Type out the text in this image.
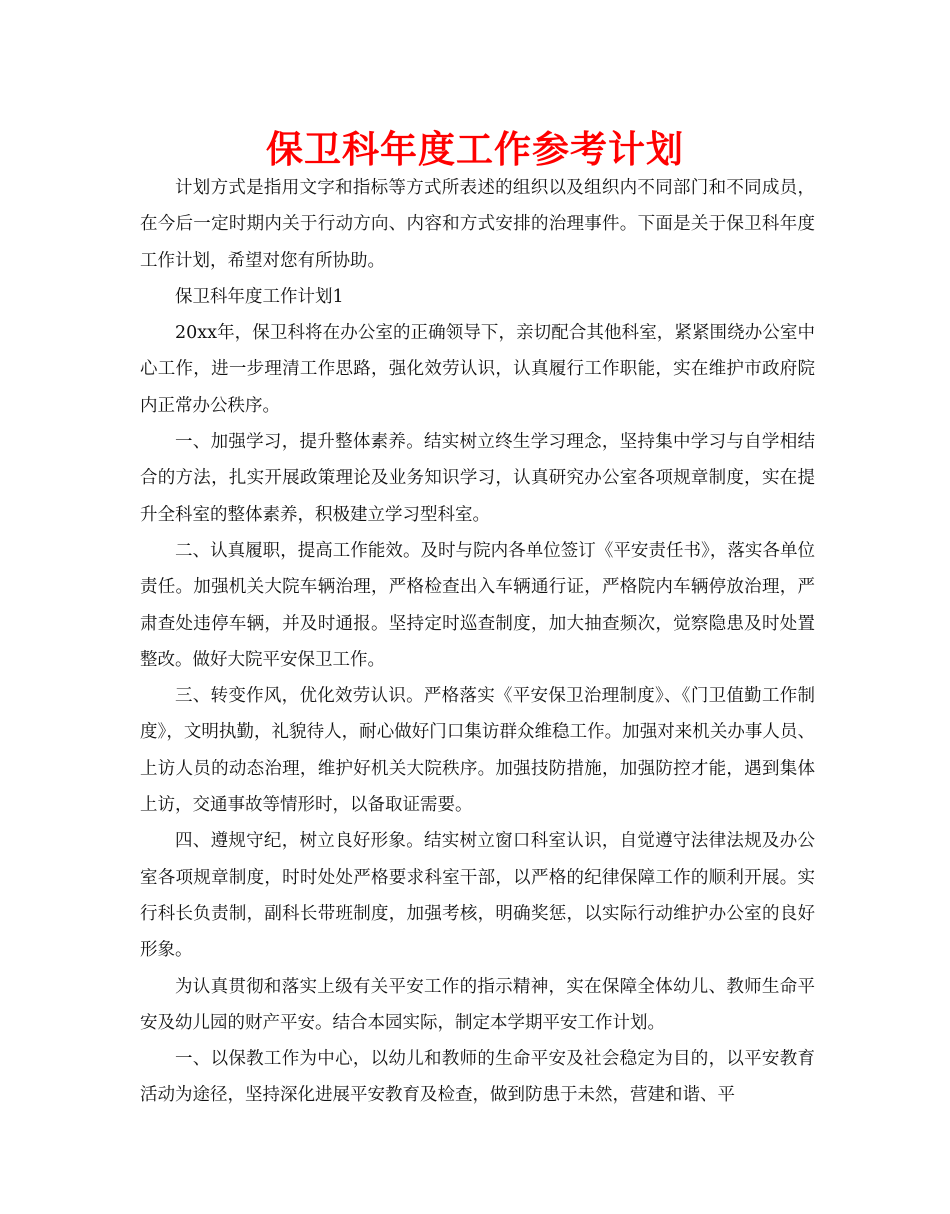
保卫科年度工作参考计划

计划方式是指用文字和指标等方式所表述的组织以及组织内不同部门和不同成员，在今后一定时期内关于行动方向、内容和方式安排的治理事件。下面是关于保卫科年度工作计划，希望对您有所协助。

保卫科年度工作计划1

20xx年，保卫科将在办公室的正确领导下，亲切配合其他科室，紧紧围绕办公室中心工作，进一步理清工作思路，强化效劳认识，认真履行工作职能，实在维护市政府院内正常办公秩序。

一、加强学习，提升整体素养。结实树立终生学习理念，坚持集中学习与自学相结合的方法，扎实开展政策理论及业务知识学习，认真研究办公室各项规章制度，实在提升全科室的整体素养，积极建立学习型科室。

二、认真履职，提高工作能效。及时与院内各单位签订《平安责任书》，落实各单位责任。加强机关大院车辆治理，严格检查出入车辆通行证，严格院内车辆停放治理，严肃查处违停车辆，并及时通报。坚持定时巡查制度，加大抽查频次，觉察隐患及时处置整改。做好大院平安保卫工作。

三、转变作风，优化效劳认识。严格落实《平安保卫治理制度》、《门卫值勤工作制度》，文明执勤，礼貌待人，耐心做好门口集访群众维稳工作。加强对来机关办事人员、上访人员的动态治理，维护好机关大院秩序。加强技防措施，加强防控才能，遇到集体上访，交通事故等情形时，以备取证需要。

四、遵规守纪，树立良好形象。结实树立窗口科室认识，自觉遵守法律法规及办公室各项规章制度，时时处处严格要求科室干部，以严格的纪律保障工作的顺利开展。实行科长负责制，副科长带班制度，加强考核，明确奖惩，以实际行动维护办公室的良好形象。

为认真贯彻和落实上级有关平安工作的指示精神，实在保障全体幼儿、教师生命平安及幼儿园的财产平安。结合本园实际，制定本学期平安工作计划。

一、以保教工作为中心，以幼儿和教师的生命平安及社会稳定为目的，以平安教育活动为途径，坚持深化进展平安教育及检查，做到防患于未然，营建和谐、平
